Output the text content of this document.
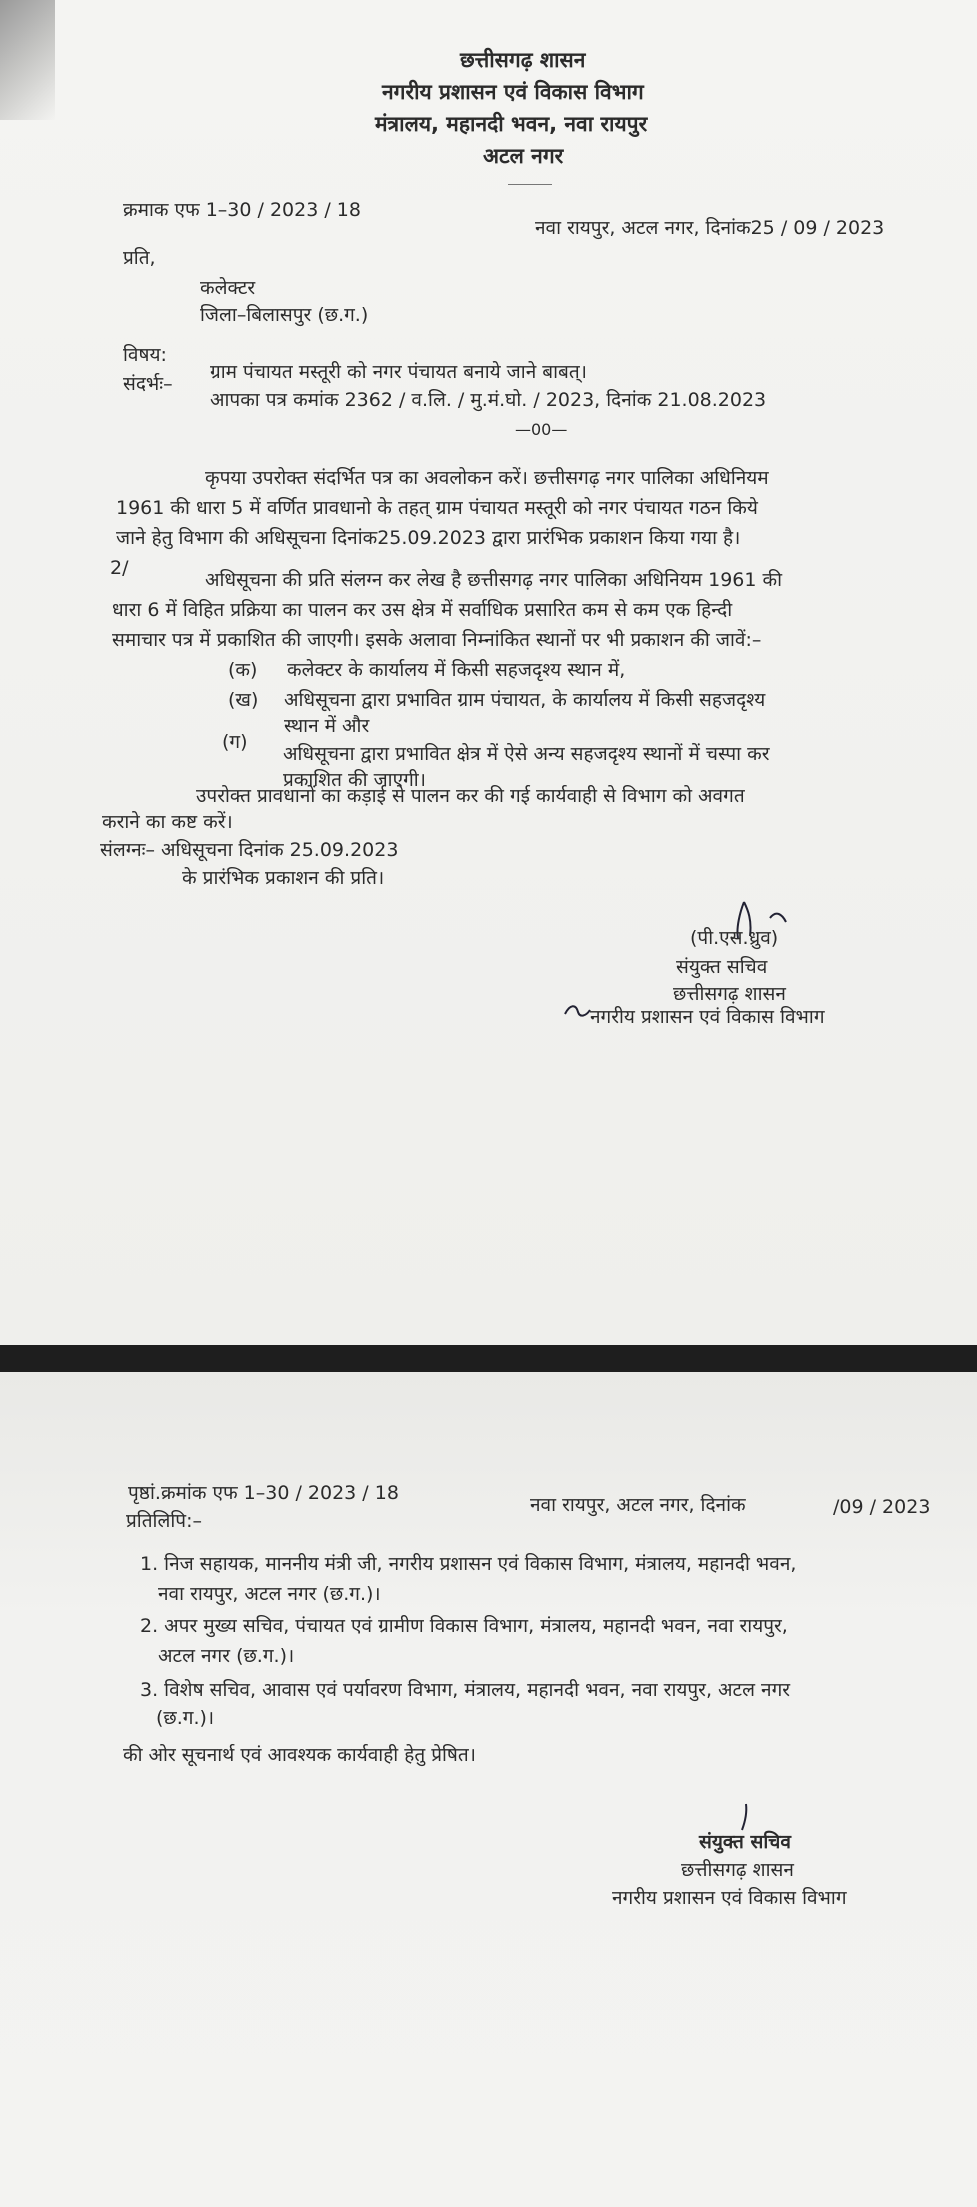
छत्तीसगढ़ शासन
नगरीय प्रशासन एवं विकास विभाग
मंत्रालय, महानदी भवन, नवा रायपुर
अटल नगर
क्रमाक एफ 1–30 / 2023 / 18
नवा रायपुर, अटल नगर, दिनांक25 / 09 / 2023
प्रति,
कलेक्टर
जिला–बिलासपुर (छ.ग.)
विषय:
ग्राम पंचायत मस्तूरी को नगर पंचायत बनाये जाने बाबत्।
संदर्भः–
आपका पत्र कमांक 2362 / व.लि. / मु.मं.घो. / 2023, दिनांक 21.08.2023
—00—
कृपया उपरोक्त संदर्भित पत्र का अवलोकन करें। छत्तीसगढ़ नगर पालिका अधिनियम
1961 की धारा 5 में वर्णित प्रावधानो के तहत् ग्राम पंचायत मस्तूरी को नगर पंचायत गठन किये
जाने हेतु विभाग की अधिसूचना दिनांक25.09.2023 द्वारा प्रारंभिक प्रकाशन किया गया है।
2/
अधिसूचना की प्रति संलग्न कर लेख है छत्तीसगढ़ नगर पालिका अधिनियम 1961 की
धारा 6 में विहित प्रक्रिया का पालन कर उस क्षेत्र में सर्वाधिक प्रसारित कम से कम एक हिन्दी
समाचार पत्र में प्रकाशित की जाएगी। इसके अलावा निम्नांकित स्थानों पर भी प्रकाशन की जावें:–
(क) कलेक्टर के कार्यालय में किसी सहजदृश्य स्थान में,
(ख) अधिसूचना द्वारा प्रभावित ग्राम पंचायत, के कार्यालय में किसी सहजदृश्य
स्थान में और
(ग)
अधिसूचना द्वारा प्रभावित क्षेत्र में ऐसे अन्य सहजदृश्य स्थानों में चस्पा कर
प्रकाशित की जाएगी।
उपरोक्त प्रावधानों का कड़ाई से पालन कर की गई कार्यवाही से विभाग को अवगत
कराने का कष्ट करें।
संलग्नः– अधिसूचना दिनांक 25.09.2023
के प्रारंभिक प्रकाशन की प्रति।
(पी.एस.ध्रुव)
संयुक्त सचिव
छत्तीसगढ़ शासन
नगरीय प्रशासन एवं विकास विभाग
पृष्ठां.क्रमांक एफ 1–30 / 2023 / 18
नवा रायपुर, अटल नगर, दिनांक	/09 / 2023
प्रतिलिपि:–
1. निज सहायक, माननीय मंत्री जी, नगरीय प्रशासन एवं विकास विभाग, मंत्रालय, महानदी भवन,
नवा रायपुर, अटल नगर (छ.ग.)।
2. अपर मुख्य सचिव, पंचायत एवं ग्रामीण विकास विभाग, मंत्रालय, महानदी भवन, नवा रायपुर,
अटल नगर (छ.ग.)।
3. विशेष सचिव, आवास एवं पर्यावरण विभाग, मंत्रालय, महानदी भवन, नवा रायपुर, अटल नगर
(छ.ग.)।
की ओर सूचनार्थ एवं आवश्यक कार्यवाही हेतु प्रेषित।
संयुक्त सचिव
छत्तीसगढ़ शासन
नगरीय प्रशासन एवं विकास विभाग
